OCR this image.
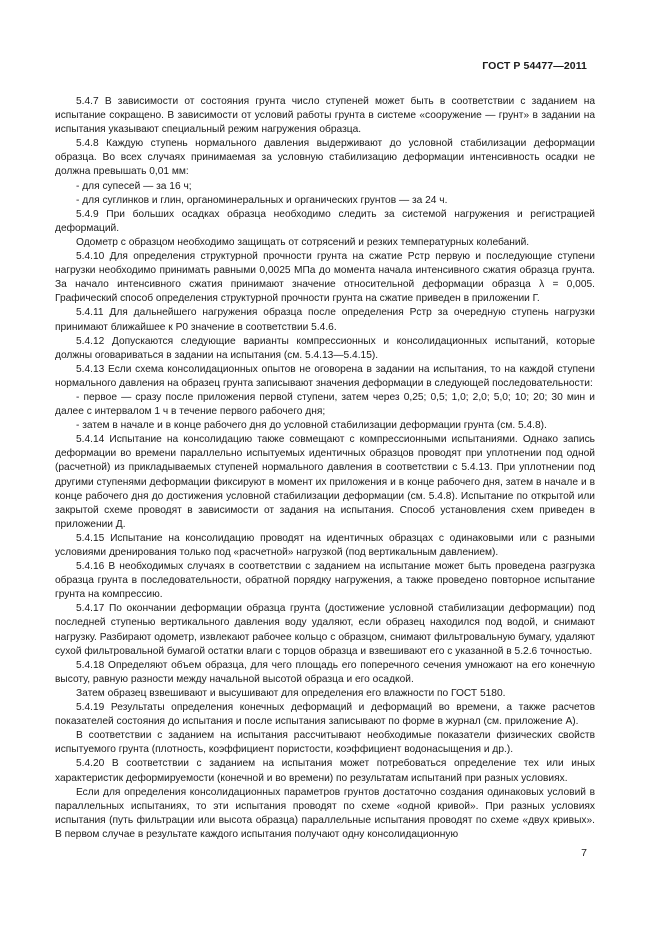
ГОСТ Р 54477—2011

5.4.7 В зависимости от состояния грунта число ступеней может быть в соответствии с заданием на испытание сокращено. В зависимости от условий работы грунта в системе «сооружение — грунт» в задании на испытания указывают специальный режим нагружения образца.

5.4.8 Каждую ступень нормального давления выдерживают до условной стабилизации деформации образца. Во всех случаях принимаемая за условную стабилизацию деформации интенсивность осадки не должна превышать 0,01 мм:

- для супесей — за 16 ч;

- для суглинков и глин, органоминеральных и органических грунтов — за 24 ч.

5.4.9 При больших осадках образца необходимо следить за системой нагружения и регистрацией деформаций.

Одометр с образцом необходимо защищать от сотрясений и резких температурных колебаний.

5.4.10 Для определения структурной прочности грунта на сжатие Рстр первую и последующие ступени нагрузки необходимо принимать равными 0,0025 МПа до момента начала интенсивного сжатия образца грунта. За начало интенсивного сжатия принимают значение относительной деформации образца λ = 0,005. Графический способ определения структурной прочности грунта на сжатие приведен в приложении Г.

5.4.11 Для дальнейшего нагружения образца после определения Рстр за очередную ступень нагрузки принимают ближайшее к Р0 значение в соответствии 5.4.6.

5.4.12 Допускаются следующие варианты компрессионных и консолидационных испытаний, которые должны оговариваться в задании на испытания (см. 5.4.13—5.4.15).

5.4.13 Если схема консолидационных опытов не оговорена в задании на испытания, то на каждой ступени нормального давления на образец грунта записывают значения деформации в следующей последовательности:

- первое — сразу после приложения первой ступени, затем через 0,25; 0,5; 1,0; 2,0; 5,0; 10; 20; 30 мин и далее с интервалом 1 ч в течение первого рабочего дня;

- затем в начале и в конце рабочего дня до условной стабилизации деформации грунта (см. 5.4.8).

5.4.14 Испытание на консолидацию также совмещают с компрессионными испытаниями. Однако запись деформации во времени параллельно испытуемых идентичных образцов проводят при уплотнении под одной (расчетной) из прикладываемых ступеней нормального давления в соответствии с 5.4.13. При уплотнении под другими ступенями деформации фиксируют в момент их приложения и в конце рабочего дня, затем в начале и в конце рабочего дня до достижения условной стабилизации деформации (см. 5.4.8). Испытание по открытой или закрытой схеме проводят в зависимости от задания на испытания. Способ установления схем приведен в приложении Д.

5.4.15 Испытание на консолидацию проводят на идентичных образцах с одинаковыми или с разными условиями дренирования только под «расчетной» нагрузкой (под вертикальным давлением).

5.4.16 В необходимых случаях в соответствии с заданием на испытание может быть проведена разгрузка образца грунта в последовательности, обратной порядку нагружения, а также проведено повторное испытание грунта на компрессию.

5.4.17 По окончании деформации образца грунта (достижение условной стабилизации деформации) под последней ступенью вертикального давления воду удаляют, если образец находился под водой, и снимают нагрузку. Разбирают одометр, извлекают рабочее кольцо с образцом, снимают фильтровальную бумагу, удаляют сухой фильтровальной бумагой остатки влаги с торцов образца и взвешивают его с указанной в 5.2.6 точностью.

5.4.18 Определяют объем образца, для чего площадь его поперечного сечения умножают на его конечную высоту, равную разности между начальной высотой образца и его осадкой.

Затем образец взвешивают и высушивают для определения его влажности по ГОСТ 5180.

5.4.19 Результаты определения конечных деформаций и деформаций во времени, а также расчетов показателей состояния до испытания и после испытания записывают по форме в журнал (см. приложение А).

В соответствии с заданием на испытания рассчитывают необходимые показатели физических свойств испытуемого грунта (плотность, коэффициент пористости, коэффициент водонасыщения и др.).

5.4.20 В соответствии с заданием на испытания может потребоваться определение тех или иных характеристик деформируемости (конечной и во времени) по результатам испытаний при разных условиях.

Если для определения консолидационных параметров грунтов достаточно создания одинаковых условий в параллельных испытаниях, то эти испытания проводят по схеме «одной кривой». При разных условиях испытания (путь фильтрации или высота образца) параллельные испытания проводят по схеме «двух кривых». В первом случае в результате каждого испытания получают одну консолидационную

7
